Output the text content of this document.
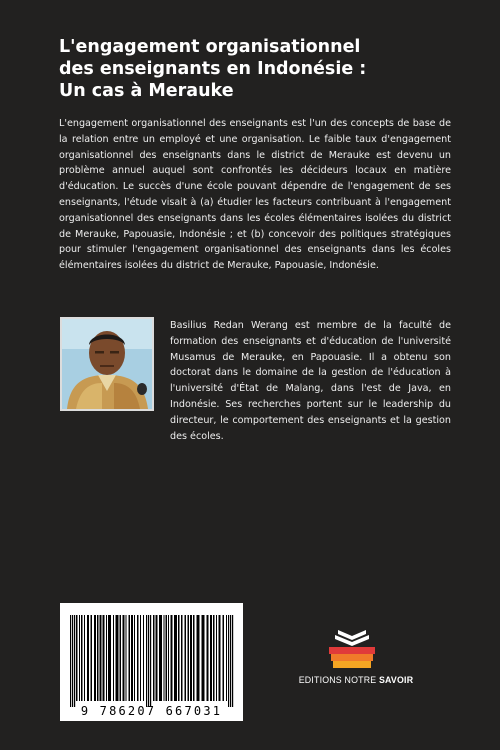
L'engagement organisationnel
des enseignants en Indonésie :
Un cas à Merauke

L'engagement organisationnel des enseignants est l'un des concepts de base de la relation entre un employé et une organisation. Le faible taux d'engagement organisationnel des enseignants dans le district de Merauke est devenu un problème annuel auquel sont confrontés les décideurs locaux en matière d'éducation. Le succès d'une école pouvant dépendre de l'engagement de ses enseignants, l'étude visait à (a) étudier les facteurs contribuant à l'engagement organisationnel des enseignants dans les écoles élémentaires isolées du district de Merauke, Papouasie, Indonésie ; et (b) concevoir des politiques stratégiques pour stimuler l'engagement organisationnel des enseignants dans les écoles élémentaires isolées du district de Merauke, Papouasie, Indonésie.

Basilius Redan Werang est membre de la faculté de formation des enseignants et d'éducation de l'université Musamus de Merauke, en Papouasie. Il a obtenu son doctorat dans le domaine de la gestion de l'éducation à l'université d'État de Malang, dans l'est de Java, en Indonésie. Ses recherches portent sur le leadership du directeur, le comportement des enseignants et la gestion des écoles.

9 786207 667031
EDITIONS NOTRE SAVOIR
